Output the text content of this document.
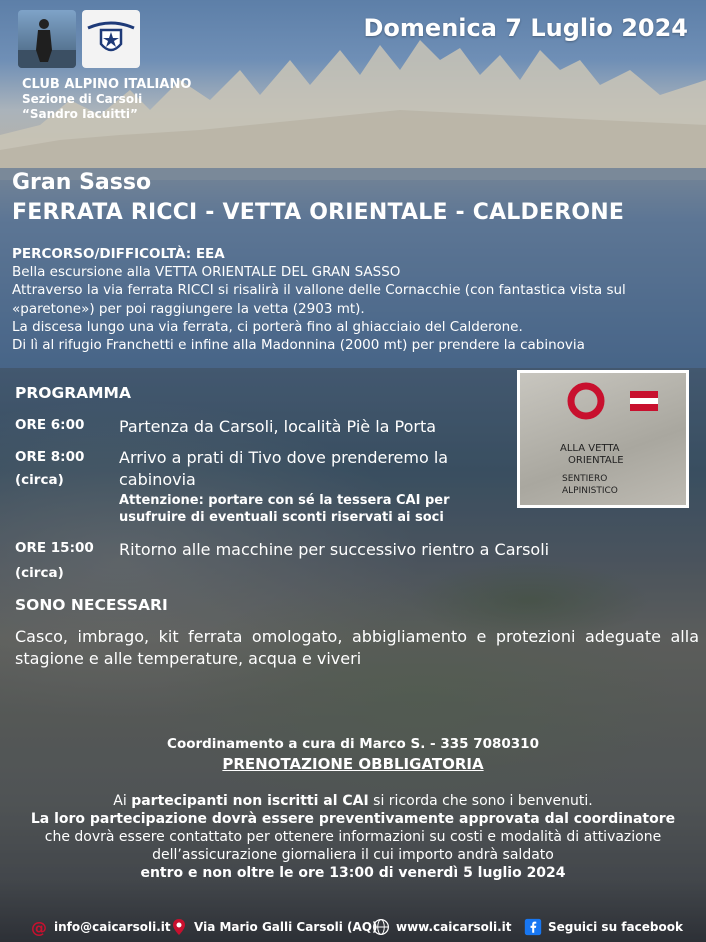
CLUB ALPINO ITALIANO
Sezione di Carsoli
“Sandro Iacuitti”
Domenica 7 Luglio 2024
Gran Sasso
FERRATA RICCI - VETTA ORIENTALE - CALDERONE
PERCORSO/DIFFICOLTÀ: EEA
Bella escursione alla VETTA ORIENTALE DEL GRAN SASSO
Attraverso la via ferrata RICCI si risalirà il vallone delle Cornacchie (con fantastica vista sul «paretone») per poi raggiungere la vetta (2903 mt).
La discesa lungo una via ferrata, ci porterà fino al ghiacciaio del Calderone.
Di lì al rifugio Franchetti e infine alla Madonnina (2000 mt) per prendere la cabinovia
PROGRAMMA
ORE 6:00 Partenza da Carsoli, località Piè la Porta
ORE 8:00
(circa)
Arrivo a prati di Tivo dove prenderemo la cabinovia
Attenzione: portare con sé la tessera CAI per usufruire di eventuali sconti riservati ai soci
ORE 15:00
(circa)
Ritorno alle macchine per successivo rientro a Carsoli
ALLA VETTA
ORIENTALE
SENTIERO
ALPINISTICO
SONO NECESSARI
Casco, imbrago, kit ferrata omologato, abbigliamento e protezioni adeguate alla stagione e alle temperature, acqua e viveri
Coordinamento a cura di Marco S. - 335 7080310
PRENOTAZIONE OBBLIGATORIA
Ai partecipanti non iscritti al CAI si ricorda che sono i benvenuti.
La loro partecipazione dovrà essere preventivamente approvata dal coordinatore
che dovrà essere contattato per ottenere informazioni su costi e modalità di attivazione
dell’assicurazione giornaliera il cui importo andrà saldato
entro e non oltre le ore 13:00 di venerdì 5 luglio 2024
@ info@caicarsoli.it Via Mario Galli Carsoli (AQ) www.caicarsoli.it	Seguici su facebook
